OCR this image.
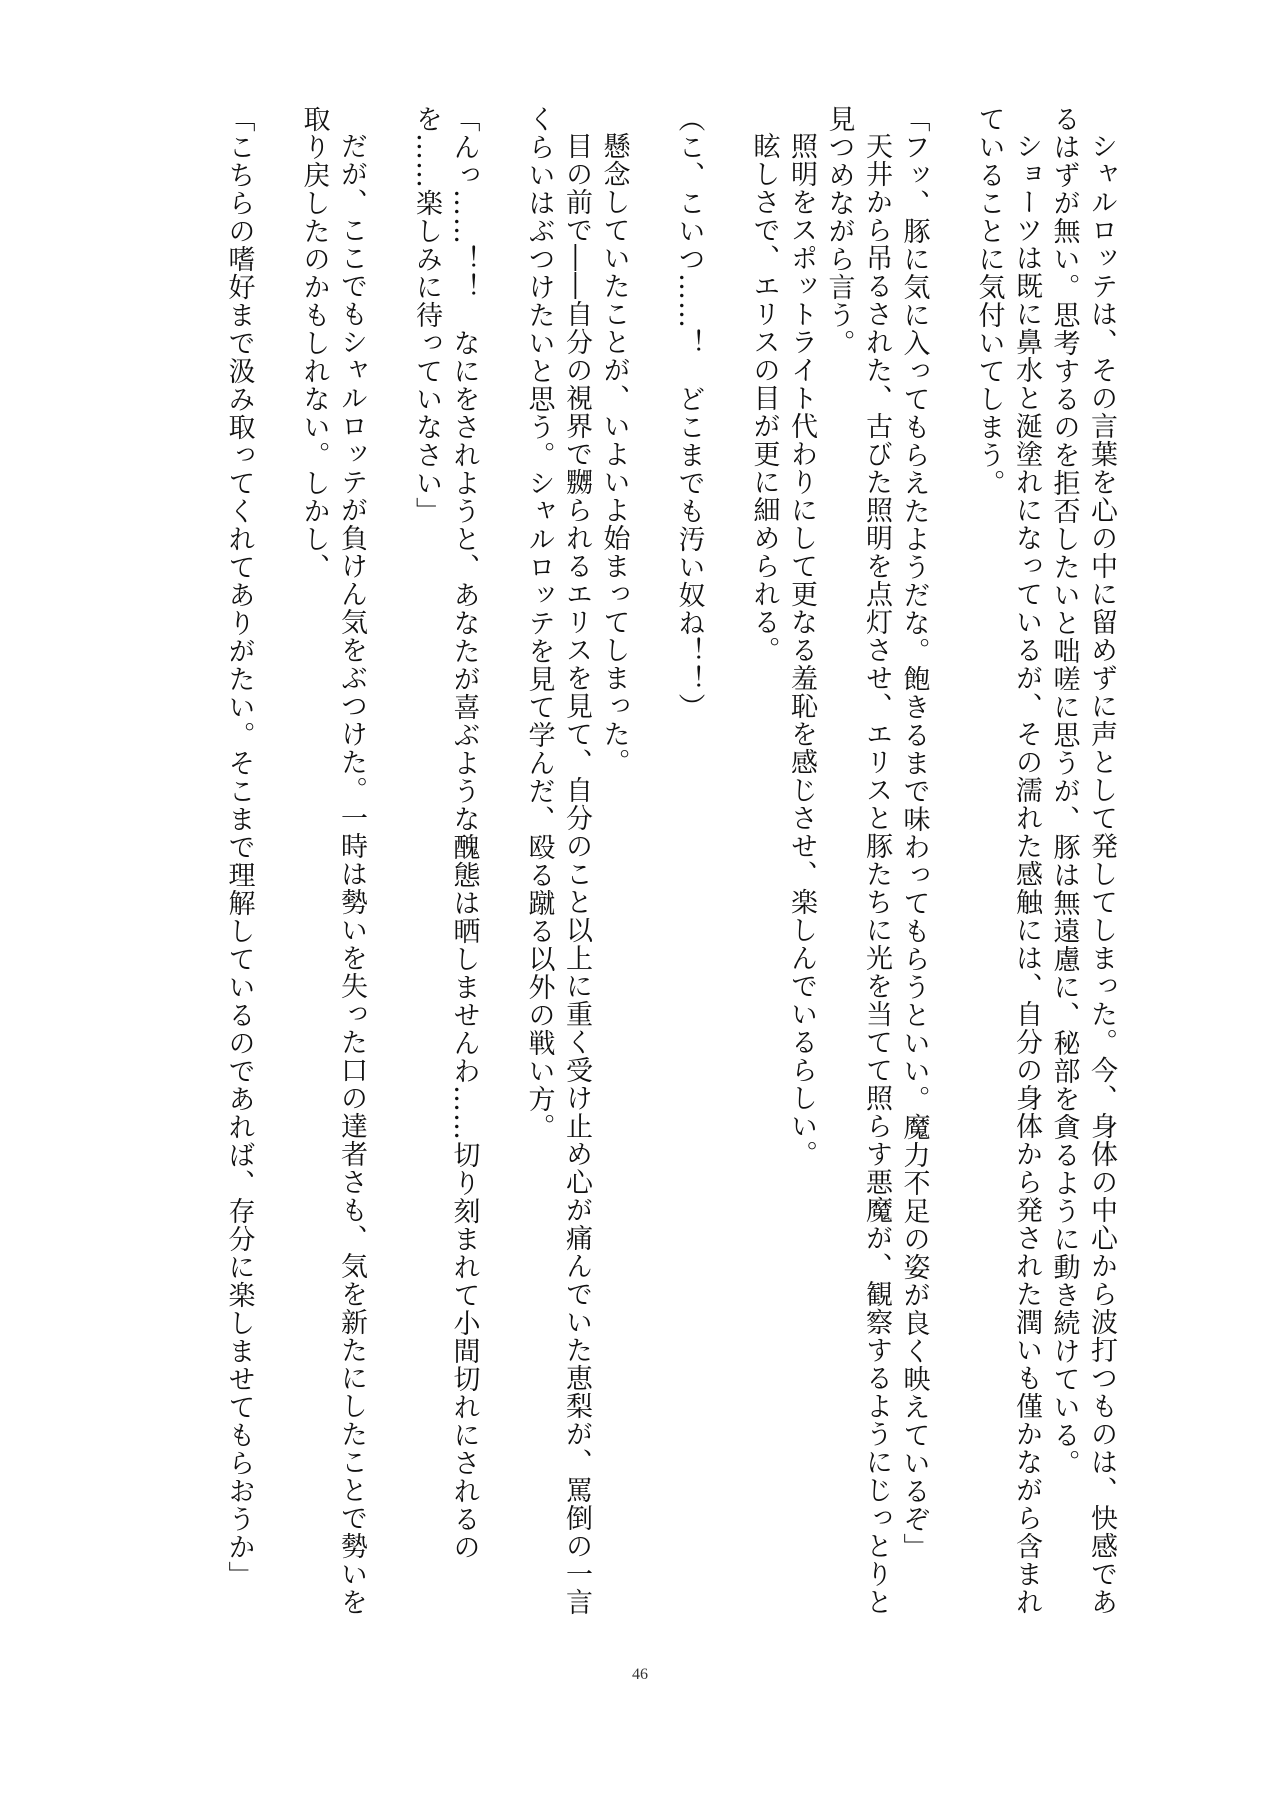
シャルロッテは、その言葉を心の中に留めずに声として発してしまった。今、身体の中心から波打つものは、快感であるはずが無い。思考するのを拒否したいと咄嗟に思うが、豚は無遠慮に、秘部を貪るように動き続けている。

ショーツは既に鼻水と涎塗れになっているが、その濡れた感触には、自分の身体から発された潤いも僅かながら含まれていることに気付いてしまう。

「フッ、豚に気に入ってもらえたようだな。飽きるまで味わってもらうといい。魔力不足の姿が良く映えているぞ」

天井から吊るされた、古びた照明を点灯させ、エリスと豚たちに光を当てて照らす悪魔が、観察するようにじっとりと見つめながら言う。

照明をスポットライト代わりにして更なる羞恥を感じさせ、楽しんでいるらしい。

眩しさで、エリスの目が更に細められる。

（こ、こいつ……！　どこまでも汚い奴ね！！）

懸念していたことが、いよいよ始まってしまった。

目の前で――自分の視界で嬲られるエリスを見て、自分のこと以上に重く受け止め心が痛んでいた恵梨が、罵倒の一言くらいはぶつけたいと思う。シャルロッテを見て学んだ、殴る蹴る以外の戦い方。

「んっ……！！　なにをされようと、あなたが喜ぶような醜態は晒しませんわ……切り刻まれて小間切れにされるのを……楽しみに待っていなさい」

だが、ここでもシャルロッテが負けん気をぶつけた。一時は勢いを失った口の達者さも、気を新たにしたことで勢いを取り戻したのかもしれない。しかし、

「こちらの嗜好まで汲み取ってくれてありがたい。そこまで理解しているのであれば、存分に楽しませてもらおうか」

46
